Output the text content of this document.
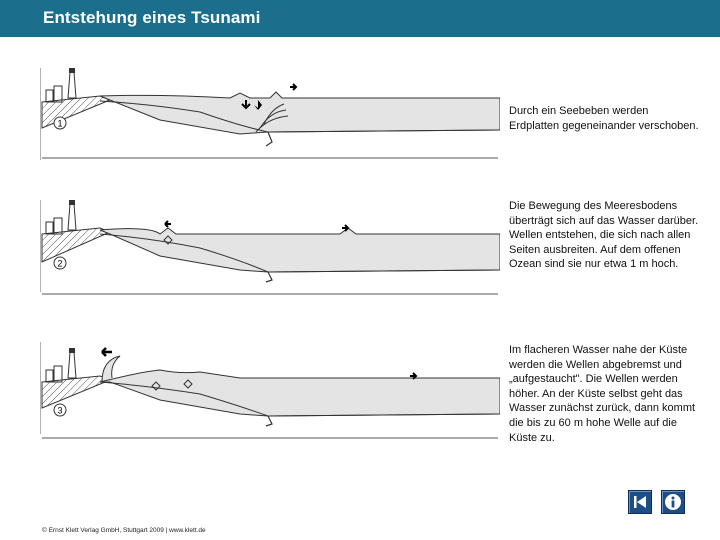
Entstehung eines Tsunami
1
Durch ein Seebeben werden Erdplatten gegeneinander verschoben.
2
Die Bewegung des Meeresbodens überträgt sich auf das Wasser darüber. Wellen entstehen, die sich nach allen Seiten ausbreiten. Auf dem offenen Ozean sind sie nur etwa 1 m hoch.
3
Im flacheren Wasser nahe der Küste werden die Wellen abgebremst und „aufgestaucht". Die Wellen werden höher. An der Küste selbst geht das Wasser zunächst zurück, dann kommt die bis zu 60 m hohe Welle auf die Küste zu.
© Ernst Klett Verlag GmbH, Stuttgart 2009 | www.klett.de
